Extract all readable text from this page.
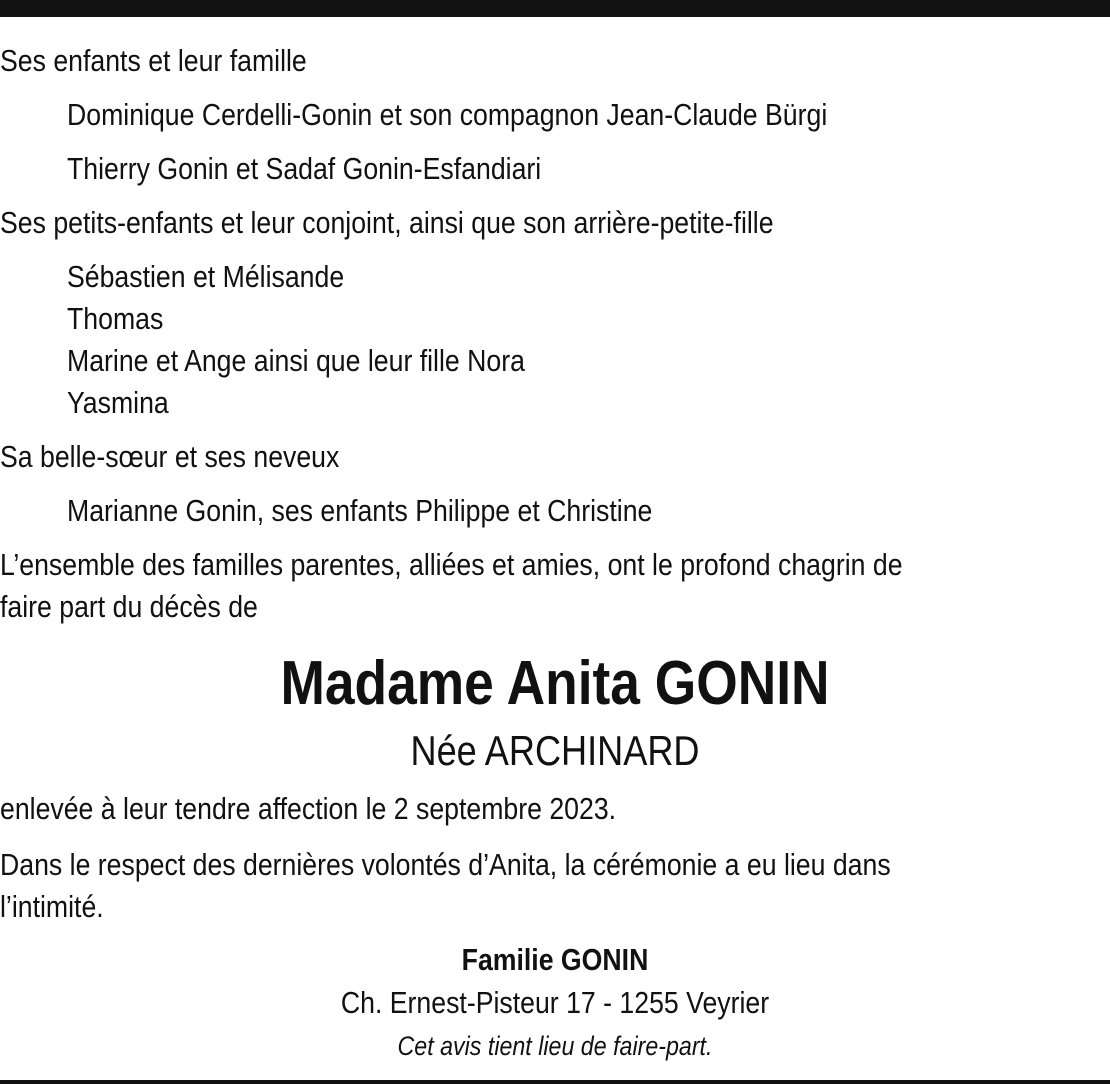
Ses enfants et leur famille
Dominique Cerdelli-Gonin et son compagnon Jean-Claude Bürgi
Thierry Gonin et Sadaf Gonin-Esfandiari
Ses petits-enfants et leur conjoint, ainsi que son arrière-petite-fille
Sébastien et Mélisande
Thomas
Marine et Ange ainsi que leur fille Nora
Yasmina
Sa belle-sœur et ses neveux
Marianne Gonin, ses enfants Philippe et Christine
L’ensemble des familles parentes, alliées et amies, ont le profond chagrin de
faire part du décès de
Madame Anita GONIN
Née ARCHINARD
enlevée à leur tendre affection le 2 septembre 2023.
Dans le respect des dernières volontés d’Anita, la cérémonie a eu lieu dans
l’intimité.
Familie GONIN
Ch. Ernest-Pisteur 17 - 1255 Veyrier
Cet avis tient lieu de faire-part.
